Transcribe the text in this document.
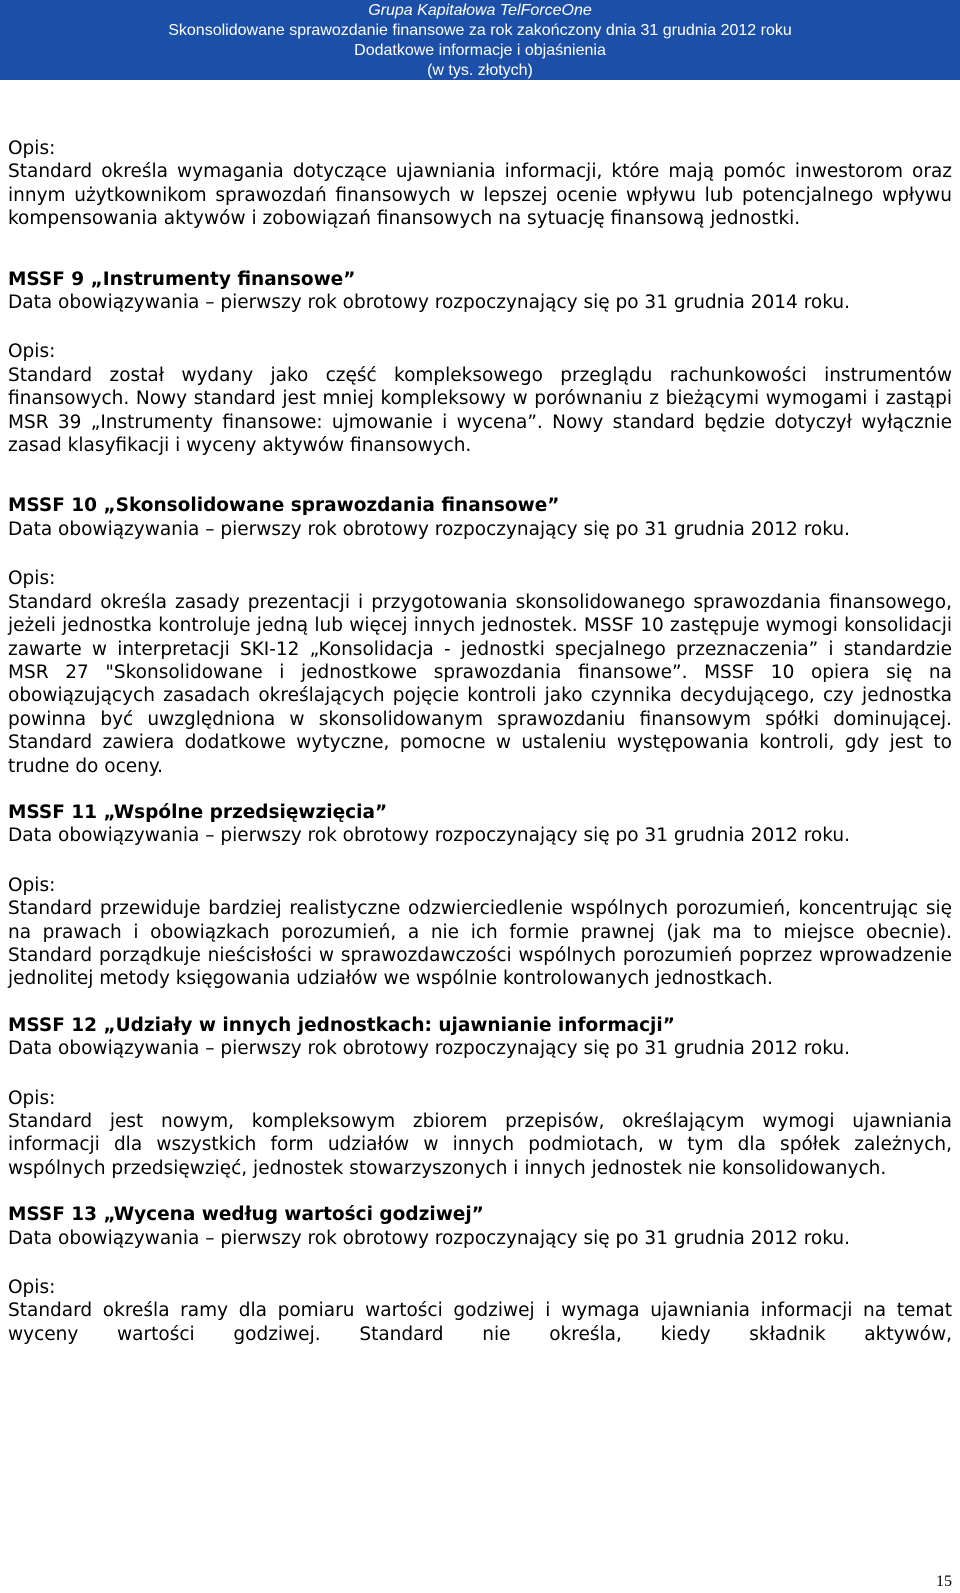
Grupa Kapitałowa TelForceOne
Skonsolidowane sprawozdanie finansowe za rok zakończony dnia 31 grudnia 2012 roku
Dodatkowe informacje i objaśnienia
(w tys. złotych)

Opis:

Standard określa wymagania dotyczące ujawniania informacji, które mają pomóc inwestorom oraz innym użytkownikom sprawozdań finansowych w lepszej ocenie wpływu lub potencjalnego wpływu kompensowania aktywów i zobowiązań finansowych na sytuację finansową jednostki.

MSSF 9 „Instrumenty finansowe”

Data obowiązywania – pierwszy rok obrotowy rozpoczynający się po 31 grudnia 2014 roku.

Opis:

Standard został wydany jako część kompleksowego przeglądu rachunkowości instrumentów finansowych. Nowy standard jest mniej kompleksowy w porównaniu z bieżącymi wymogami i zastąpi MSR 39 „Instrumenty finansowe: ujmowanie i wycena”. Nowy standard będzie dotyczył wyłącznie zasad klasyfikacji i wyceny aktywów finansowych.

MSSF 10 „Skonsolidowane sprawozdania finansowe”

Data obowiązywania – pierwszy rok obrotowy rozpoczynający się po 31 grudnia 2012 roku.

Opis:

Standard określa zasady prezentacji i przygotowania skonsolidowanego sprawozdania finansowego, jeżeli jednostka kontroluje jedną lub więcej innych jednostek. MSSF 10 zastępuje wymogi konsolidacji zawarte w interpretacji SKI-12 „Konsolidacja - jednostki specjalnego przeznaczenia” i standardzie MSR 27 "Skonsolidowane i jednostkowe sprawozdania finansowe”. MSSF 10 opiera się na obowiązujących zasadach określających pojęcie kontroli jako czynnika decydującego, czy jednostka powinna być uwzględniona w skonsolidowanym sprawozdaniu finansowym spółki dominującej. Standard zawiera dodatkowe wytyczne, pomocne w ustaleniu występowania kontroli, gdy jest to trudne do oceny.

MSSF 11 „Wspólne przedsięwzięcia”

Data obowiązywania – pierwszy rok obrotowy rozpoczynający się po 31 grudnia 2012 roku.

Opis:

Standard przewiduje bardziej realistyczne odzwierciedlenie wspólnych porozumień, koncentrując się na prawach i obowiązkach porozumień, a nie ich formie prawnej (jak ma to miejsce obecnie). Standard porządkuje nieścisłości w sprawozdawczości wspólnych porozumień poprzez wprowadzenie jednolitej metody księgowania udziałów we wspólnie kontrolowanych jednostkach.

MSSF 12 „Udziały w innych jednostkach: ujawnianie informacji”

Data obowiązywania – pierwszy rok obrotowy rozpoczynający się po 31 grudnia 2012 roku.

Opis:

Standard jest nowym, kompleksowym zbiorem przepisów, określającym wymogi ujawniania informacji dla wszystkich form udziałów w innych podmiotach, w tym dla spółek zależnych, wspólnych przedsięwzięć, jednostek stowarzyszonych i innych jednostek nie konsolidowanych.

MSSF 13 „Wycena według wartości godziwej”

Data obowiązywania – pierwszy rok obrotowy rozpoczynający się po 31 grudnia 2012 roku.

Opis:

Standard określa ramy dla pomiaru wartości godziwej i wymaga ujawniania informacji na temat wyceny wartości godziwej. Standard nie określa, kiedy składnik aktywów,

15
